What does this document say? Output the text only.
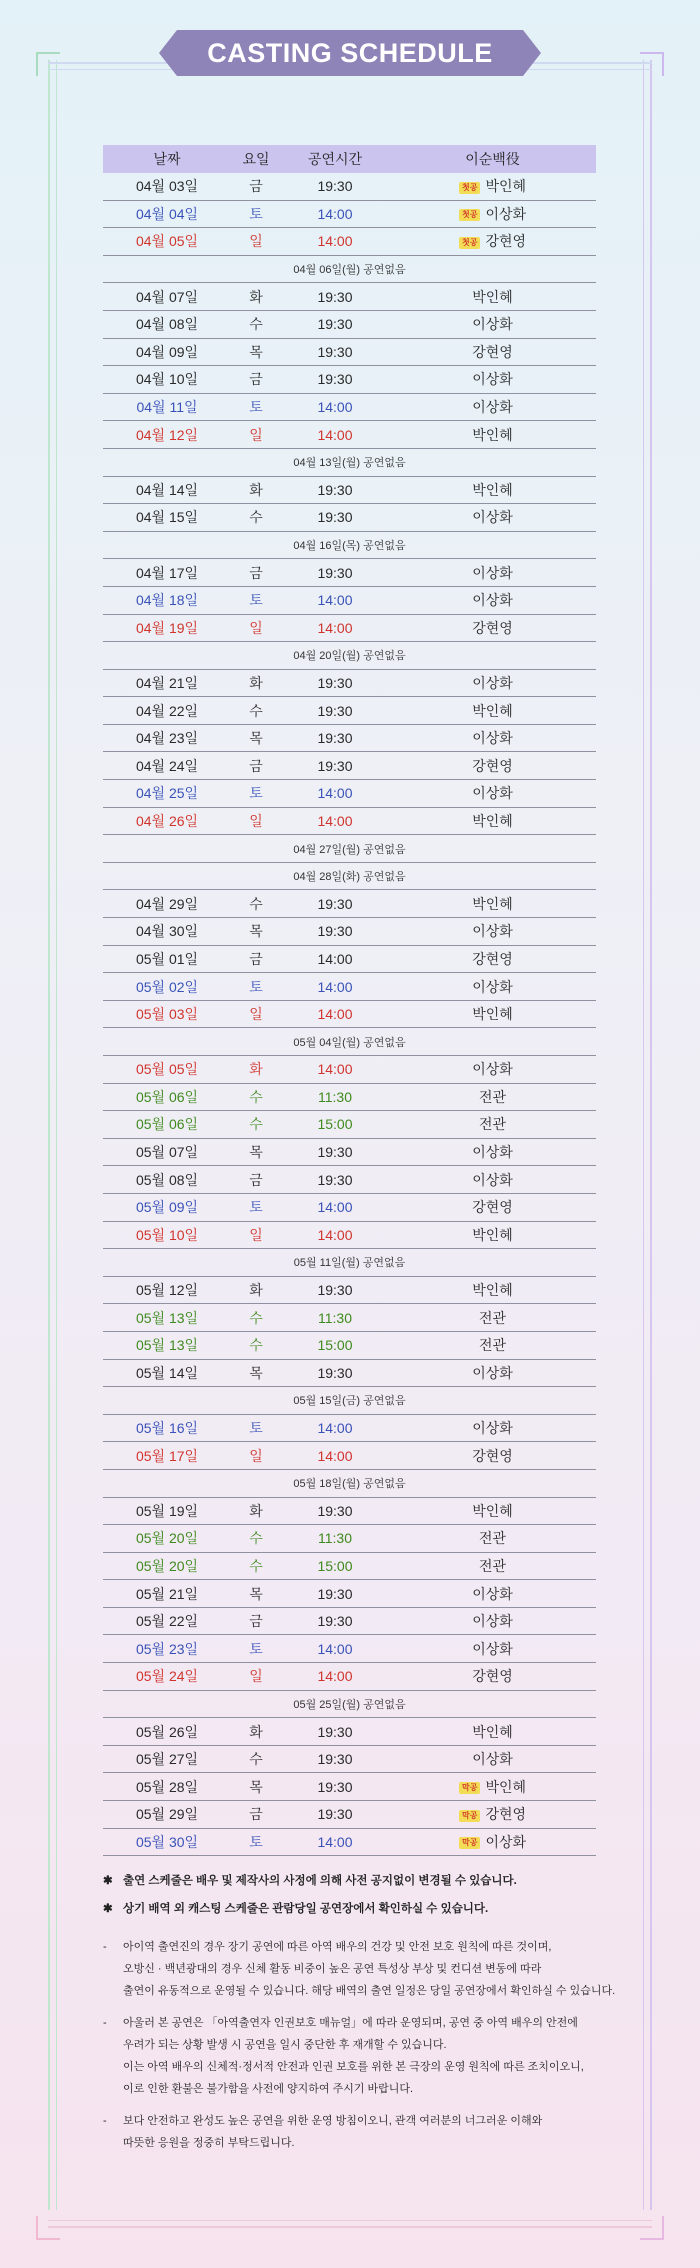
CASTING SCHEDULE
날짜	요일	공연시간	이순백役
04월 03일	금	19:30	첫공 박인혜
04월 04일	토	14:00	첫공 이상화
04월 05일	일	14:00	첫공 강현영
04월 06일(월) 공연없음			
04월 07일	화	19:30	박인혜
04월 08일	수	19:30	이상화
04월 09일	목	19:30	강현영
04월 10일	금	19:30	이상화
04월 11일	토	14:00	이상화
04월 12일	일	14:00	박인혜
04월 13일(월) 공연없음			
04월 14일	화	19:30	박인혜
04월 15일	수	19:30	이상화
04월 16일(목) 공연없음			
04월 17일	금	19:30	이상화
04월 18일	토	14:00	이상화
04월 19일	일	14:00	강현영
04월 20일(월) 공연없음			
04월 21일	화	19:30	이상화
04월 22일	수	19:30	박인혜
04월 23일	목	19:30	이상화
04월 24일	금	19:30	강현영
04월 25일	토	14:00	이상화
04월 26일	일	14:00	박인혜
04월 27일(월) 공연없음			
04월 28일(화) 공연없음			
04월 29일	수	19:30	박인혜
04월 30일	목	19:30	이상화
05월 01일	금	14:00	강현영
05월 02일	토	14:00	이상화
05월 03일	일	14:00	박인혜
05월 04일(월) 공연없음			
05월 05일	화	14:00	이상화
05월 06일	수	11:30	전관
05월 06일	수	15:00	전관
05월 07일	목	19:30	이상화
05월 08일	금	19:30	이상화
05월 09일	토	14:00	강현영
05월 10일	일	14:00	박인혜
05월 11일(월) 공연없음			
05월 12일	화	19:30	박인혜
05월 13일	수	11:30	전관
05월 13일	수	15:00	전관
05월 14일	목	19:30	이상화
05월 15일(금) 공연없음			
05월 16일	토	14:00	이상화
05월 17일	일	14:00	강현영
05월 18일(월) 공연없음			
05월 19일	화	19:30	박인혜
05월 20일	수	11:30	전관
05월 20일	수	15:00	전관
05월 21일	목	19:30	이상화
05월 22일	금	19:30	이상화
05월 23일	토	14:00	이상화
05월 24일	일	14:00	강현영
05월 25일(월) 공연없음			
05월 26일	화	19:30	박인혜
05월 27일	수	19:30	이상화
05월 28일	목	19:30	막공 박인혜
05월 29일	금	19:30	막공 강현영
05월 30일	토	14:00	막공 이상화

✱ 출연 스케줄은 배우 및 제작사의 사정에 의해 사전 공지없이 변경될 수 있습니다.

✱ 상기 배역 외 캐스팅 스케줄은 관람당일 공연장에서 확인하실 수 있습니다.

- 아이역 출연진의 경우 장기 공연에 따른 아역 배우의 건강 및 안전 보호 원칙에 따른 것이며,

오방신 · 백년광대의 경우 신체 활동 비중이 높은 공연 특성상 부상 및 컨디션 변동에 따라

출연이 유동적으로 운영될 수 있습니다. 해당 배역의 출연 일정은 당일 공연장에서 확인하실 수 있습니다.

- 아울러 본 공연은 「아역출연자 인권보호 매뉴얼」에 따라 운영되며, 공연 중 아역 배우의 안전에

우려가 되는 상황 발생 시 공연을 일시 중단한 후 재개할 수 있습니다.

이는 아역 배우의 신체적·정서적 안전과 인권 보호를 위한 본 극장의 운영 원칙에 따른 조치이오니,

이로 인한 환불은 불가함을 사전에 양지하여 주시기 바랍니다.

- 보다 안전하고 완성도 높은 공연을 위한 운영 방침이오니, 관객 여러분의 너그러운 이해와

따뜻한 응원을 정중히 부탁드립니다.
